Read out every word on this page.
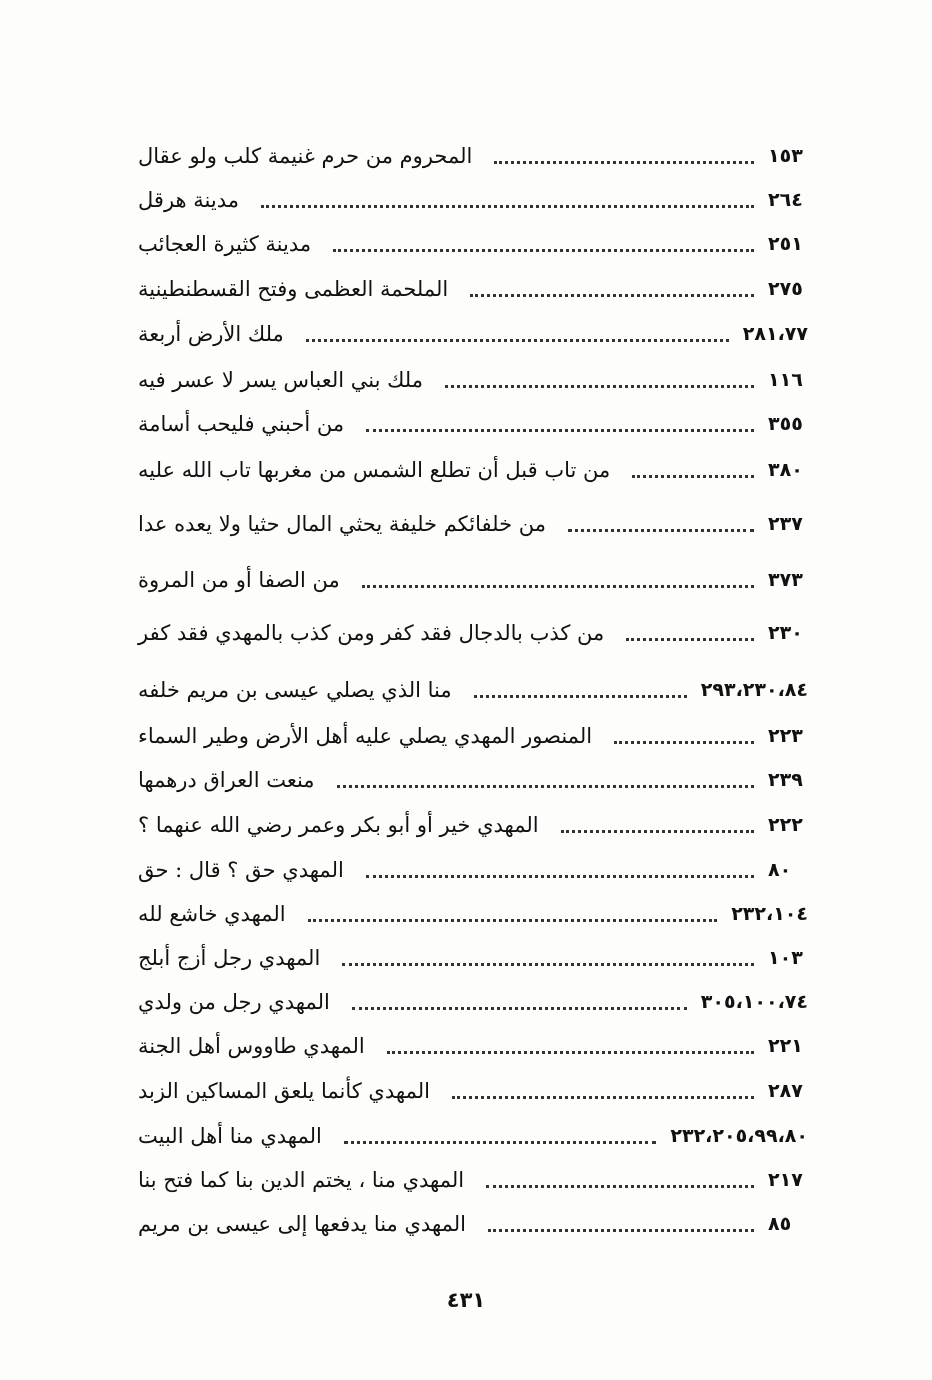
المحروم من حرم غنيمة كلب ولو عقال	١٥٣
مدينة هرقل	٢٦٤
مدينة كثيرة العجائب	٢٥١
الملحمة العظمى وفتح القسطنطينية	٢٧٥
ملك الأرض أربعة	٢٨١،٧٧
ملك بني العباس يسر لا عسر فيه	١١٦
من أحبني فليحب أسامة	٣٥٥
من تاب قبل أن تطلع الشمس من مغربها تاب الله عليه	٣٨٠
من خلفائكم خليفة يحثي المال حثيا ولا يعده عدا	٢٣٧
من الصفا أو من المروة	٣٧٣
من كذب بالدجال فقد كفر ومن كذب بالمهدي فقد كفر	٢٣٠
منا الذي يصلي عيسى بن مريم خلفه	٢٩٣،٢٣٠،٨٤
المنصور المهدي يصلي عليه أهل الأرض وطير السماء	٢٢٣
منعت العراق درهمها	٢٣٩
المهدي خير أو أبو بكر وعمر رضي الله عنهما ؟	٢٢٢
المهدي حق ؟ قال : حق	٨٠
المهدي خاشع لله	٢٣٢،١٠٤
المهدي رجل أزج أبلج	١٠٣
المهدي رجل من ولدي	٣٠٥،١٠٠،٧٤
المهدي طاووس أهل الجنة	٢٢١
المهدي كأنما يلعق المساكين الزبد	٢٨٧
المهدي منا أهل البيت	٢٣٢،٢٠٥،٩٩،٨٠
المهدي منا ، يختم الدين بنا كما فتح بنا	٢١٧
المهدي منا يدفعها إلى عيسى بن مريم	٨٥
٤٣١
